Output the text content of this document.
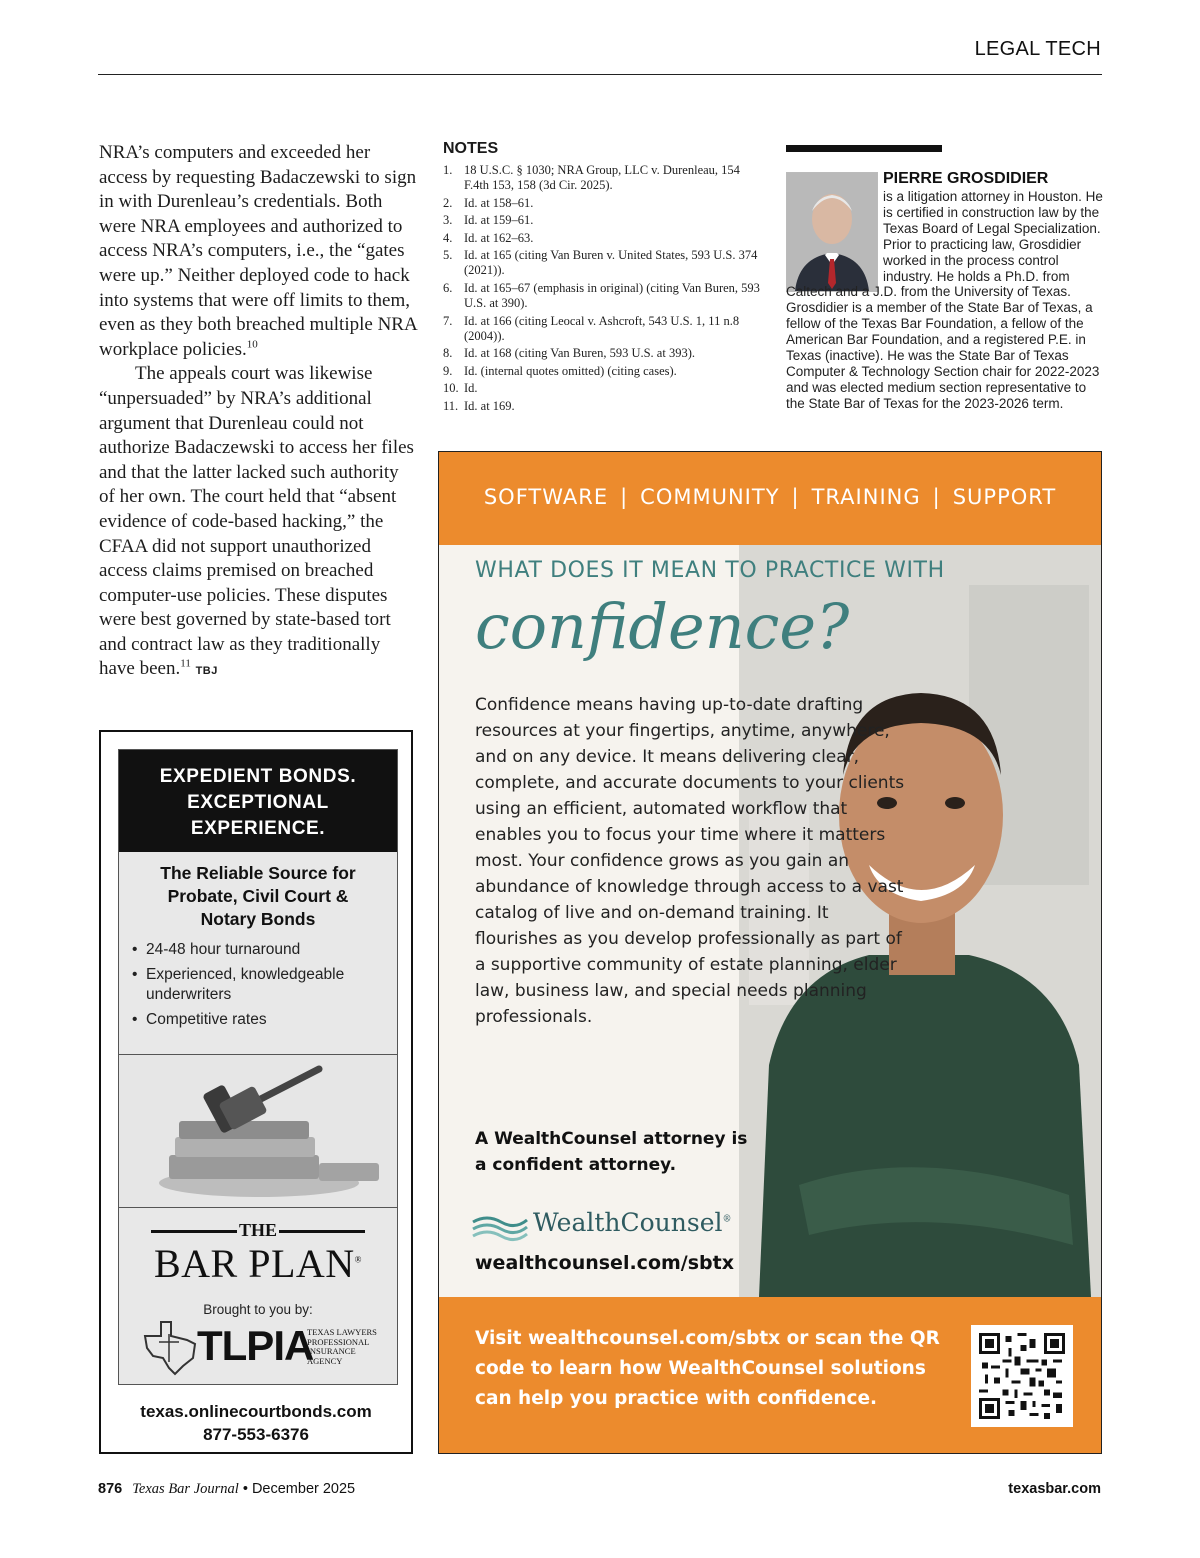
LEGAL TECH

NRA’s computers and exceeded her access by requesting Badaczewski to sign in with Durenleau’s credentials. Both were NRA employees and authorized to access NRA’s computers, i.e., the “gates were up.” Neither deployed code to hack into systems that were off limits to them, even as they both breached multiple NRA workplace policies.$^{10}$

The appeals court was likewise “unpersuaded” by NRA’s additional argument that Durenleau could not authorize Badaczewski to access her files and that the latter lacked such authority of her own. The court held that “absent evidence of code-based hacking,” the CFAA did not support unauthorized access claims premised on breached computer-use policies. These disputes were best governed by state-based tort and contract law as they traditionally have been.$^{11}$ TBJ

NOTES
1. 18 U.S.C. § 1030; NRA Group, LLC v. Durenleau, 154 F.4th 153, 158 (3d Cir. 2025).
2. Id. at 158–61.
3. Id. at 159–61.
4. Id. at 162–63.
5. Id. at 165 (citing Van Buren v. United States, 593 U.S. 374 (2021)).
6. Id. at 165–67 (emphasis in original) (citing Van Buren, 593 U.S. at 390).
7. Id. at 166 (citing Leocal v. Ashcroft, 543 U.S. 1, 11 n.8 (2004)).
8. Id. at 168 (citing Van Buren, 593 U.S. at 393).
9. Id. (internal quotes omitted) (citing cases).
10. Id.
11. Id. at 169.
PIERRE GROSDIDIER

is a litigation attorney in Houston. He is certified in construction law by the Texas Board of Legal Specialization. Prior to practicing law, Grosdidier worked in the process control industry. He holds a Ph.D. from Caltech and a J.D. from the University of Texas. Grosdidier is a member of the State Bar of Texas, a fellow of the Texas Bar Foundation, a fellow of the American Bar Foundation, and a registered P.E. in Texas (inactive). He was the State Bar of Texas Computer & Technology Section chair for 2022-2023 and was elected medium section representative to the State Bar of Texas for the 2023-2026 term.

EXPEDIENT BONDS.
EXCEPTIONAL
EXPERIENCE.
The Reliable Source for
Probate, Civil Court &
Notary Bonds
• 24-48 hour turnaround
• Experienced, knowledgeable underwriters
• Competitive rates
THE
BAR PLAN®
Brought to you by:
TLPIA
TEXAS LAWYERS
PROFESSIONAL
INSURANCE
AGENCY
texas.onlinecourtbonds.com
877-553-6376
SOFTWARE | COMMUNITY | TRAINING | SUPPORT
WHAT DOES IT MEAN TO PRACTICE WITH
confidence?
Confidence means having up-to-date drafting resources at your fingertips, anytime, anywhere, and on any device. It means delivering clear, complete, and accurate documents to your clients using an efficient, automated workflow that enables you to focus your time where it matters most. Your confidence grows as you gain an abundance of knowledge through access to a vast catalog of live and on-demand training. It flourishes as you develop professionally as part of a supportive community of estate planning, elder law, business law, and special needs planning professionals.
A WealthCounsel attorney is
a confident attorney.
WealthCounsel®
wealthcounsel.com/sbtx
Visit wealthcounsel.com/sbtx or scan the QR code to learn how WealthCounsel solutions can help you practice with confidence.
876 Texas Bar Journal • December 2025	texasbar.com
